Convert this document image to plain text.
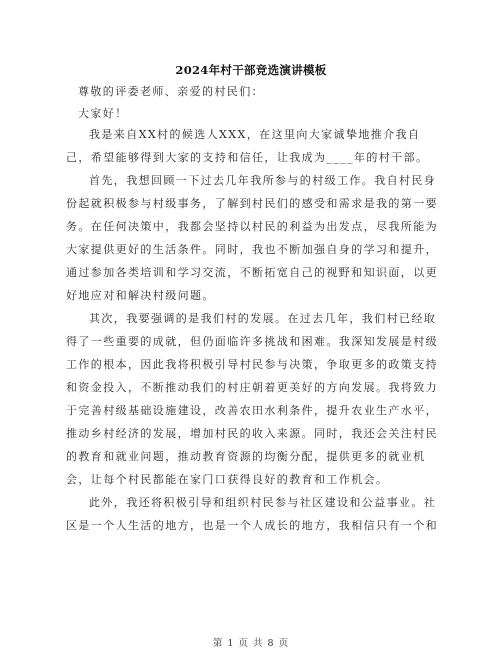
2024年村干部竞选演讲模板
尊敬的评委老师、亲爱的村民们：
大家好！
我是来自XX村的候选人XXX，在这里向大家诚挚地推介我自
己，希望能够得到大家的支持和信任，让我成为____年的村干部。
首先，我想回顾一下过去几年我所参与的村级工作。我自村民身
份起就积极参与村级事务，了解到村民们的感受和需求是我的第一要
务。在任何决策中，我都会坚持以村民的利益为出发点，尽我所能为
大家提供更好的生活条件。同时，我也不断加强自身的学习和提升，
通过参加各类培训和学习交流，不断拓宽自己的视野和知识面，以更
好地应对和解决村级问题。
其次，我要强调的是我们村的发展。在过去几年，我们村已经取
得了一些重要的成就，但仍面临许多挑战和困难。我深知发展是村级
工作的根本，因此我将积极引导村民参与决策，争取更多的政策支持
和资金投入，不断推动我们的村庄朝着更美好的方向发展。我将致力
于完善村级基础设施建设，改善农田水利条件，提升农业生产水平，
推动乡村经济的发展，增加村民的收入来源。同时，我还会关注村民
的教育和就业问题，推动教育资源的均衡分配，提供更多的就业机
会，让每个村民都能在家门口获得良好的教育和工作机会。
此外，我还将积极引导和组织村民参与社区建设和公益事业。社
区是一个人生活的地方，也是一个人成长的地方，我相信只有一个和
第 1 页 共 8 页
